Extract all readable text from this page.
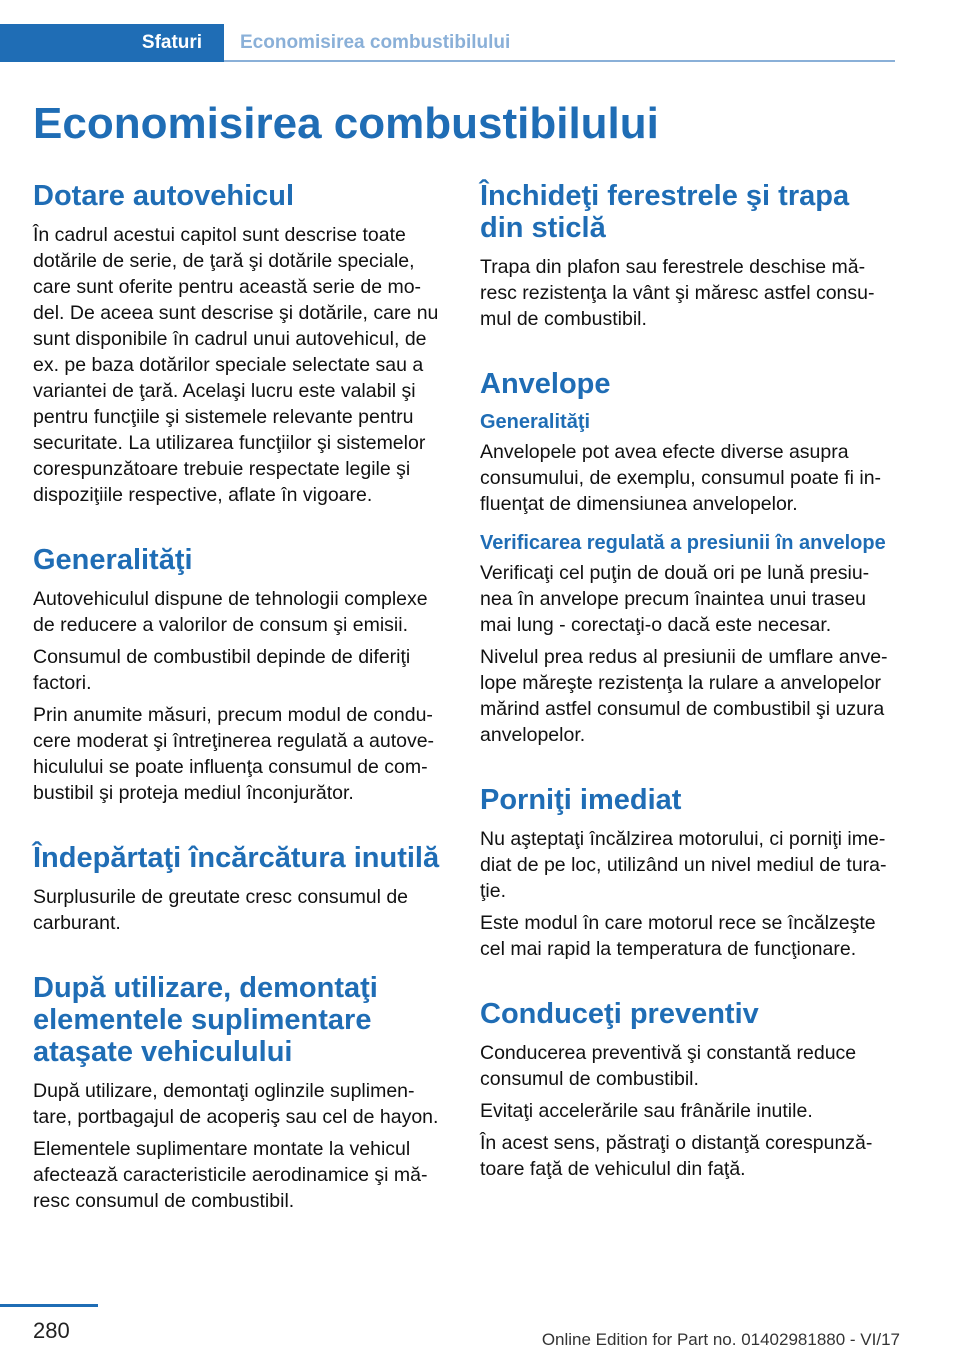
Sfaturi	Economisirea combustibilului
Economisirea combustibilului
Dotare autovehicul

În cadrul acestui capitol sunt descrise toate dotările de serie, de ţară şi dotările speciale, care sunt oferite pentru această serie de mo‐ del. De aceea sunt descrise şi dotările, care nu sunt disponibile în cadrul unui autovehicul, de ex. pe baza dotărilor speciale selectate sau a variantei de ţară. Acelaşi lucru este valabil şi pentru funcţiile şi sistemele relevante pentru securitate. La utilizarea funcţiilor şi sistemelor corespunzătoare trebuie respectate legile şi dispoziţiile respective, aflate în vigoare.

Generalităţi

Autovehiculul dispune de tehnologii complexe de reducere a valorilor de consum şi emisii.

Consumul de combustibil depinde de diferiţi factori.

Prin anumite măsuri, precum modul de condu‐ cere moderat şi întreţinerea regulată a autove‐ hiculului se poate influenţa consumul de com‐ bustibil şi proteja mediul înconjurător.

Îndepărtaţi încărcătura inutilă

Surplusurile de greutate cresc consumul de carburant.

După utilizare, demontaţi elementele suplimentare ataşate vehiculului

După utilizare, demontaţi oglinzile suplimen‐ tare, portbagajul de acoperiş sau cel de hayon.

Elementele suplimentare montate la vehicul afectează caracteristicile aerodinamice şi mă‐ resc consumul de combustibil.

Închideţi ferestrele şi trapa din sticlă

Trapa din plafon sau ferestrele deschise mă‐ resc rezistenţa la vânt şi măresc astfel consu‐ mul de combustibil.

Anvelope
Generalităţi

Anvelopele pot avea efecte diverse asupra consumului, de exemplu, consumul poate fi in‐ fluenţat de dimensiunea anvelopelor.

Verificarea regulată a presiunii în anvelope

Verificaţi cel puţin de două ori pe lună presiu‐ nea în anvelope precum înaintea unui traseu mai lung - corectaţi-o dacă este necesar.

Nivelul prea redus al presiunii de umflare anve‐ lope măreşte rezistenţa la rulare a anvelopelor mărind astfel consumul de combustibil şi uzura anvelopelor.

Porniţi imediat

Nu aşteptaţi încălzirea motorului, ci porniţi ime‐ diat de pe loc, utilizând un nivel mediul de tura‐ ţie.

Este modul în care motorul rece se încălzeşte cel mai rapid la temperatura de funcţionare.

Conduceţi preventiv

Conducerea preventivă şi constantă reduce consumul de combustibil.

Evitaţi accelerările sau frânările inutile.

În acest sens, păstraţi o distanţă corespunză‐ toare faţă de vehiculul din faţă.

280	Online Edition for Part no. 01402981880 - VI/17
